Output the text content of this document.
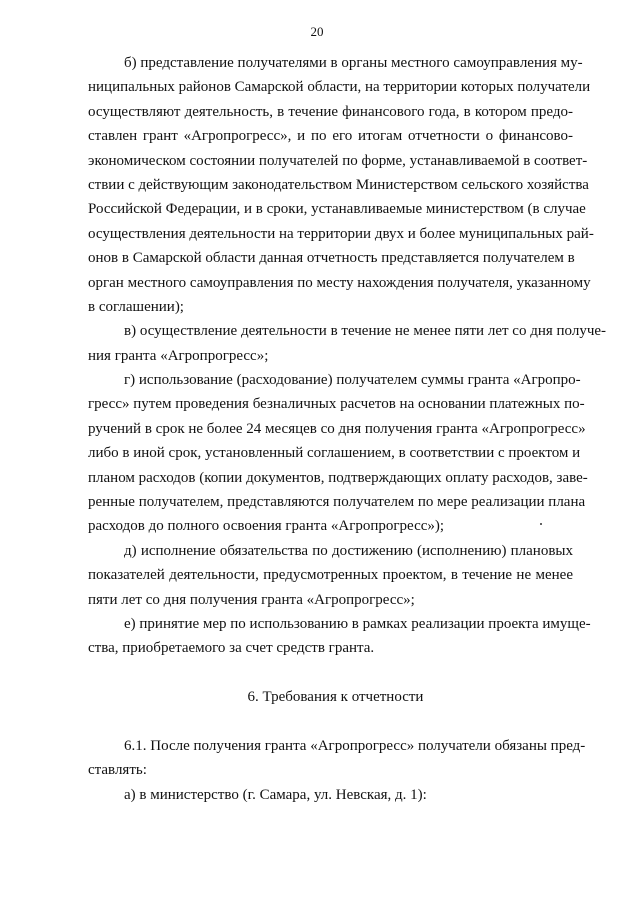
20
б) представление получателями в органы местного самоуправления му-
ниципальных районов Самарской области, на территории которых получатели
осуществляют деятельность, в течение финансового года, в котором предо-
ставлен грант «Агропрогресс», и по его итогам отчетности о финансово-
экономическом состоянии получателей по форме, устанавливаемой в соответ-
ствии с действующим законодательством Министерством сельского хозяйства
Российской Федерации, и в сроки, устанавливаемые министерством (в случае
осуществления деятельности на территории двух и более муниципальных рай-
онов в Самарской области данная отчетность представляется получателем в
орган местного самоуправления по месту нахождения получателя, указанному
в соглашении);
в) осуществление деятельности в течение не менее пяти лет со дня получе-
ния гранта «Агропрогресс»;
г) использование (расходование) получателем суммы гранта «Агропро-
гресс» путем проведения безналичных расчетов на основании платежных по-
ручений в срок не более 24 месяцев со дня получения гранта «Агропрогресс»
либо в иной срок, установленный соглашением, в соответствии с проектом и
планом расходов (копии документов, подтверждающих оплату расходов, заве-
ренные получателем, представляются получателем по мере реализации плана
расходов до полного освоения гранта «Агропрогресс»);
д) исполнение обязательства по достижению (исполнению) плановых
показателей деятельности, предусмотренных проектом, в течение не менее
пяти лет со дня получения гранта «Агропрогресс»;
е) принятие мер по использованию в рамках реализации проекта имуще-
ства, приобретаемого за счет средств гранта.
6. Требования к отчетности
6.1. После получения гранта «Агропрогресс» получатели обязаны пред-
ставлять:
а) в министерство (г. Самара, ул. Невская, д. 1):
